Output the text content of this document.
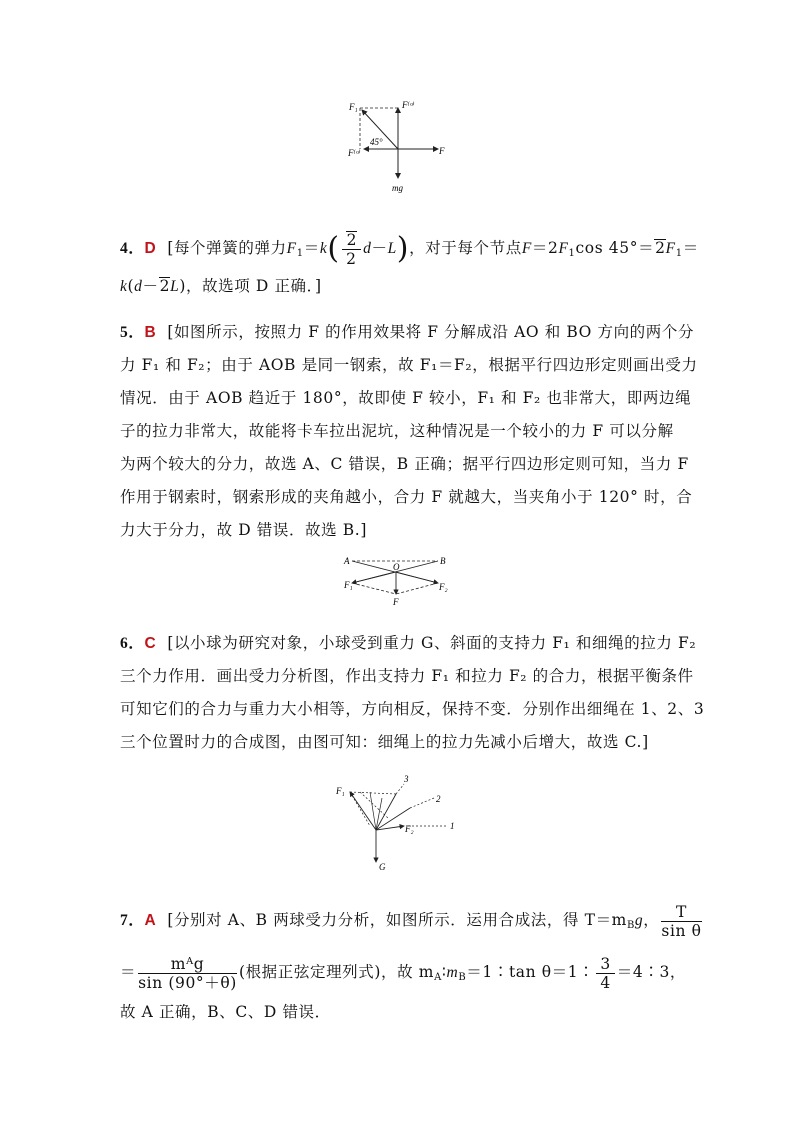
F₁	F⁽ᵒ⁾
45°
F⁽ᵒ⁾	F
mg
4．D [每个弹簧的弹力$F_1=k( \frac{2}{2} d-L)$，对于每个节点$F=2F_1\cos$ $45^\circ=2F_1=$
k(d－2L)，故选项 D 正确．]
5．B [如图所示，按照力 F 的作用效果将 F 分解成沿 AO 和 BO 方向的两个分
力 F₁ 和 F₂；由于 AOB 是同一钢索，故 F₁＝F₂，根据平行四边形定则画出受力
情况．由于 AOB 趋近于 180°，故即使 F 较小，F₁ 和 F₂ 也非常大，即两边绳
子的拉力非常大，故能将卡车拉出泥坑，这种情况是一个较小的力 F 可以分解
为两个较大的分力，故选 A、C 错误，B 正确；据平行四边形定则可知，当力 F
作用于钢索时，钢索形成的夹角越小，合力 F 就越大，当夹角小于 120° 时，合
力大于分力，故 D 错误．故选 B.]
A	B
O
F₁	F₂
F
6．C [以小球为研究对象，小球受到重力 G、斜面的支持力 F₁ 和细绳的拉力 F₂
三个力作用．画出受力分析图，作出支持力 F₁ 和拉力 F₂ 的合力，根据平衡条件
可知它们的合力与重力大小相等，方向相反，保持不变．分别作出细绳在 1、2、3
三个位置时力的合成图，由图可知：细绳上的拉力先减小后增大，故选 C.]
F₁
F₂
G
3
2
1
7．A [分别对 A、B 两球受力分析，如图所示．运用合成法，得 $T=m_Bg$， $\frac{T}{\text{sin θ}}$
＝ $\frac{\text{mᴬg}}{\sin (90^\circ+\theta)}$ (根据正弦定理列式)，故 $m_A∶m_B=1∶\tan$ θ＝1∶ $\frac{3}{4}$ ＝4∶3，
故 A 正确，B、C、D 错误．
